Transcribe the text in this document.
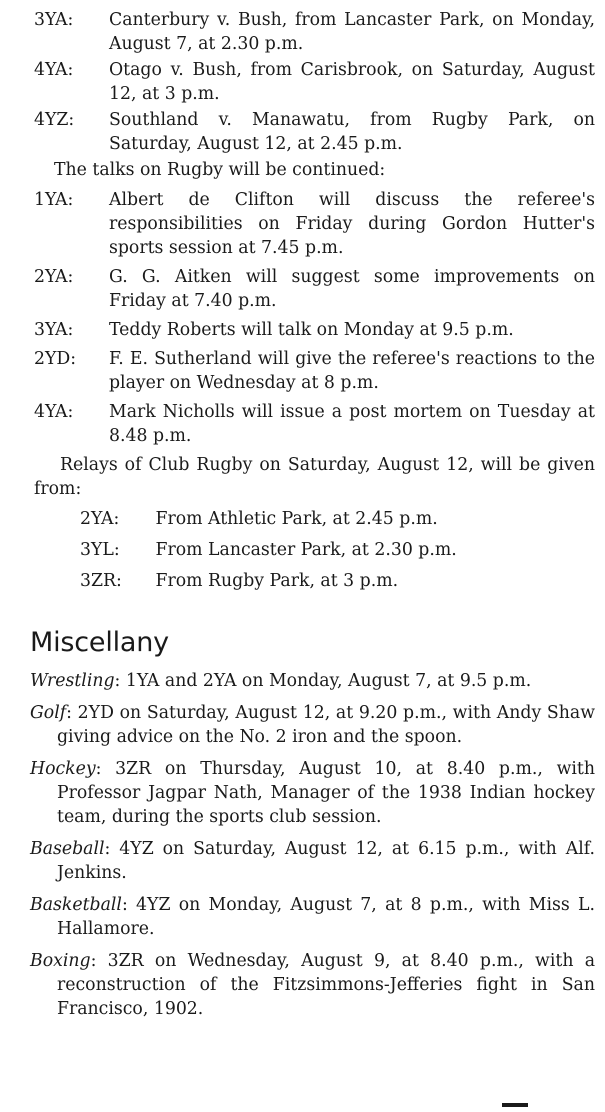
3YA:	Canterbury v. Bush, from Lancaster Park, on Monday, August 7, at 2.30 p.m.
4YA:	Otago v. Bush, from Carisbrook, on Saturday, August 12, at 3 p.m.
4YZ:	Southland v. Manawatu, from Rugby Park, on Saturday, August 12, at 2.45 p.m.

The talks on Rugby will be continued:

1YA:	Albert de Clifton will discuss the referee's responsibilities on Friday during Gordon Hutter's sports session at 7.45 p.m.
2YA:	G. G. Aitken will suggest some improvements on Friday at 7.40 p.m.
3YA:	Teddy Roberts will talk on Monday at 9.5 p.m.
2YD:	F. E. Sutherland will give the referee's reactions to the player on Wednesday at 8 p.m.
4YA:	Mark Nicholls will issue a post mortem on Tuesday at 8.48 p.m.

Relays of Club Rugby on Saturday, August 12, will be given from:

2YA: From Athletic Park, at 2.45 p.m.
3YL: From Lancaster Park, at 2.30 p.m.
3ZR: From Rugby Park, at 3 p.m.
Miscellany

Wrestling: 1YA and 2YA on Monday, August 7, at 9.5 p.m.

Golf: 2YD on Saturday, August 12, at 9.20 p.m., with Andy Shaw giving advice on the No. 2 iron and the spoon.

Hockey: 3ZR on Thursday, August 10, at 8.40 p.m., with Professor Jagpar Nath, Manager of the 1938 Indian hockey team, during the sports club session.

Baseball: 4YZ on Saturday, August 12, at 6.15 p.m., with Alf. Jenkins.

Basketball: 4YZ on Monday, August 7, at 8 p.m., with Miss L. Hallamore.

Boxing: 3ZR on Wednesday, August 9, at 8.40 p.m., with a reconstruction of the Fitzsimmons-Jefferies fight in San Francisco, 1902.
